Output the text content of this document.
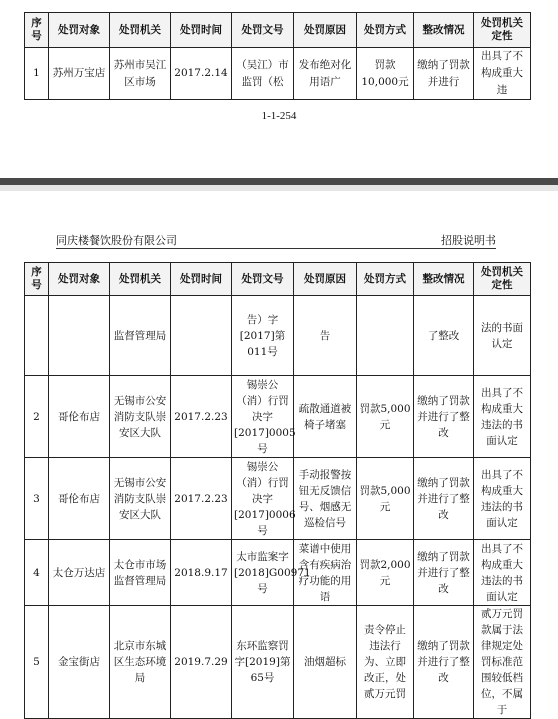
序号	处罚对象	处罚机关	处罚时间	处罚文号	处罚原因	处罚方式	整改情况	处罚机关定性
1	苏州万宝店	苏州市吴江区市场	2017.2.14	（吴江）市监罚（松	发布绝对化用语广	罚款10,000元	缴纳了罚款并进行	出具了不构成重大违
1-1-254
同庆楼餐饮股份有限公司	招股说明书
序号	处罚对象	处罚机关	处罚时间	处罚文号	处罚原因	处罚方式	整改情况	处罚机关定性
		监督管理局		告）字[2017]第011号	告		了整改	法的书面认定
2	哥伦布店	无锡市公安消防支队崇安区大队	2017.2.23	锡崇公（消）行罚决字[2017]0005号	疏散通道被椅子堵塞	罚款5,000元	缴纳了罚款并进行了整改	出具了不构成重大违法的书面认定
3	哥伦布店	无锡市公安消防支队崇安区大队	2017.2.23	锡崇公（消）行罚决字[2017]0006号	手动报警按钮无反馈信号、烟感无巡检信号	罚款5,000元	缴纳了罚款并进行了整改	出具了不构成重大违法的书面认定
4	太仓万达店	太仓市市场监督管理局	2018.9.17	太市监案字[2018]G00971号	菜谱中使用含有疾病治疗功能的用语	罚款2,000元	缴纳了罚款并进行了整改	出具了不构成重大违法的书面认定
5	金宝街店	北京市东城区生态环境局	2019.7.29	东环监察罚字[2019]第65号	油烟超标	责令停止违法行为、立即改正，处贰万元罚	缴纳了罚款并进行了整改	贰万元罚款属于法律规定处罚标准范围较低档位，不属于
